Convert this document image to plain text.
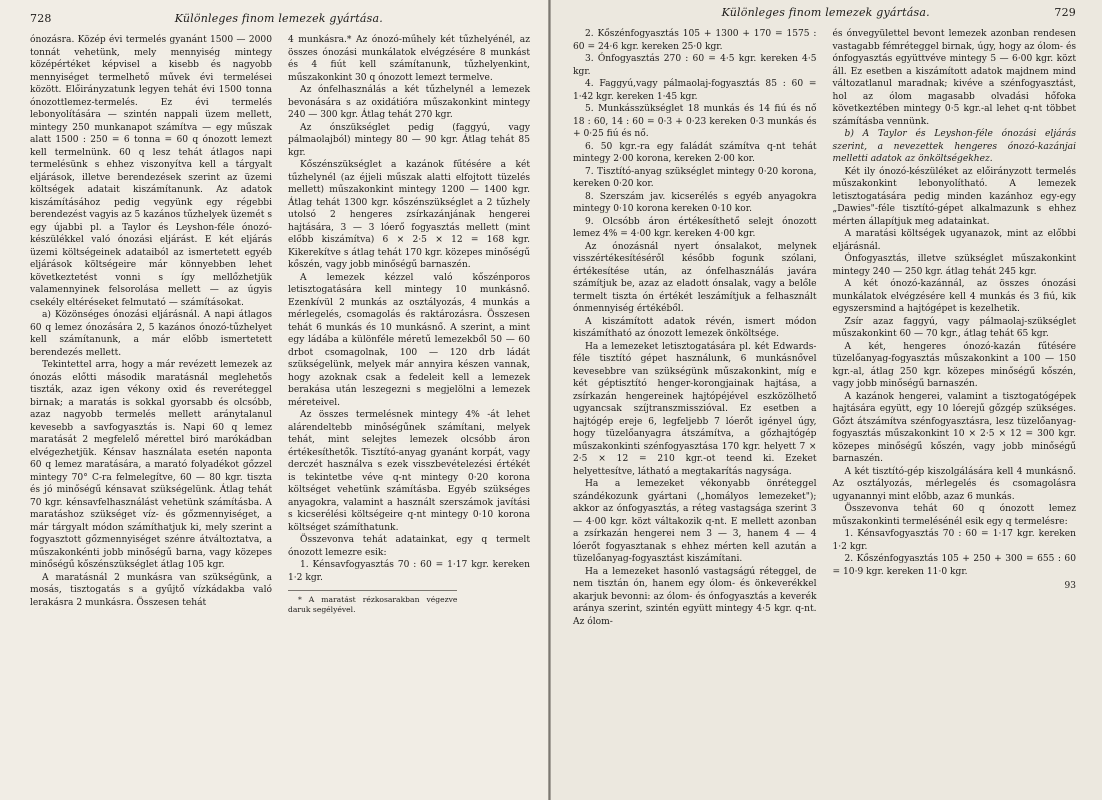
728	Különleges finom lemezek gyártása.

ónozásra. Közép évi termelés gyanánt 1500 — 2000 tonnát vehetünk, mely mennyiség mintegy középértéket képvisel a kisebb és nagyobb mennyiséget termelhető művek évi termelései között. Előirányzatunk legyen tehát évi 1500 tonna ónozottlemez-termelés. Ez évi termelés lebonyolítására — szintén nappali üzem mellett, mintegy 250 munkanapot számítva — egy műszak alatt 1500 : 250 = 6 tonna = 60 q ónozott lemezt kell termelnünk. 60 q lesz tehát átlagos napi termelésünk s ehhez viszonyítva kell a tárgyalt eljárások, illetve berendezések szerint az üzemi költségek adatait kiszámítanunk. Az adatok kiszámításához pedig vegyünk egy régebbi berendezést vagyis az 5 kazános tűzhelyek üzemét s egy újabbi pl. a Taylor és Leyshon-féle ónozó-készülékkel való ónozási eljárást. E két eljárás üzemi költségeinek adataiból az ismertetett egyéb eljárások költségeire már könnyebben lehet következtetést vonni s így mellőzhetjük valamennyinek felsorolása mellett — az úgyis csekély eltéréseket felmutató — számításokat.

a) Közönséges ónozási eljárásnál. A napi átlagos 60 q lemez ónozására 2, 5 kazános ónozó-tűzhelyet kell számítanunk, a már előbb ismertetett berendezés mellett.

Tekintettel arra, hogy a már revézett lemezek az ónozás előtti második maratásnál meglehetős tiszták, azaz igen vékony oxid és reveréteggel birnak; a maratás is sokkal gyorsabb és olcsóbb, azaz nagyobb termelés mellett aránytalanul kevesebb a savfogyasztás is. Napi 60 q lemez maratását 2 megfelelő mérettel biró marókádban elvégezhetjük. Kénsav használata esetén naponta 60 q lemez maratására, a marató folyadékot gőzzel mintegy 70° C-ra felmelegítve, 60 — 80 kgr. tiszta és jó minőségű kénsavat szükségelünk. Átlag tehát 70 kgr. kénsavfelhasználást vehetünk számításba. A maratáshoz szükséget víz- és gőzmennyiséget, a már tárgyalt módon számíthatjuk ki, mely szerint a fogyasztott gőzmennyiséget szénre átváltoztatva, a műszakonkénti jobb minőségű barna, vagy közepes minőségű kőszénszükséglet átlag 105 kgr.

A maratásnál 2 munkásra van szükségünk, a mosás, tisztogatás s a gyűjtő vízkádakba való lerakásra 2 munkásra. Összesen tehát

4 munkásra.* Az ónozó-műhely két tűzhelyénél, az összes ónozási munkálatok elvégzésére 8 munkást és 4 fiút kell számítanunk, tűzhelyenkint, műszakonkint 30 q ónozott lemezt termelve.

Az ónfelhasználás a két tűzhelynél a lemezek bevonására s az oxidátióra műszakonkint mintegy 240 — 300 kgr. Átlag tehát 270 kgr.

Az ónszükséglet pedig (faggyú, vagy pálmaolajból) mintegy 80 — 90 kgr. Átlag tehát 85 kgr.

Kőszénszükséglet a kazánok fűtésére a két tűzhelynél (az éjjeli műszak alatti elfojtott tüzelés mellett) műszakonkint mintegy 1200 — 1400 kgr. Átlag tehát 1300 kgr. kőszénszükséglet a 2 tűzhely utolsó 2 hengeres zsírkazánjának hengerei hajtására, 3 — 3 lóerő fogyasztás mellett (mint előbb kiszámítva) 6 × 2·5 × 12 = 168 kgr. Kikerekítve s átlag tehát 170 kgr. közepes minőségű kőszén, vagy jobb minőségű barnaszén.

A lemezek kézzel való kőszénporos letisztogatására kell mintegy 10 munkásnő. Ezenkívül 2 munkás az osztályozás, 4 munkás a mérlegelés, csomagolás és raktározásra. Összesen tehát 6 munkás és 10 munkásnő. A szerint, a mint egy ládába a különféle méretű lemezekből 50 — 60 drbot csomagolnak, 100 — 120 drb ládát szükségelünk, melyek már annyira készen vannak, hogy azoknak csak a fedeleit kell a lemezek berakása után leszegezni s megjelölni a lemezek méreteivel.

Az összes termelésnek mintegy 4% -át lehet alárendeltebb minőségűnek számítani, melyek tehát, mint selejtes lemezek olcsóbb áron értékesíthetők. Tisztító-anyag gyanánt korpát, vagy derczét használva s ezek visszbevételezési értékét is tekintetbe véve q-nt mintegy 0·20 korona költséget vehetünk számításba. Egyéb szükséges anyagokra, valamint a használt szerszámok javítási s kicserélési költségeire q-nt mintegy 0·10 korona költséget számíthatunk.

Összevonva tehát adatainkat, egy q termelt ónozott lemezre esik:

1. Kénsavfogyasztás 70 : 60 = 1·17 kgr. kereken 1·2 kgr.

* A maratást rézkosarakban végezve daruk segélyével.
Különleges finom lemezek gyártása.	729

2. Kőszénfogyasztás 105 + 1300 + 170 = 1575 : 60 = 24·6 kgr. kereken 25·0 kgr.

3. Ónfogyasztás 270 : 60 = 4·5 kgr. kereken 4·5 kgr.

4. Faggyú,vagy pálmaolaj-fogyasztás 85 : 60 = 1·42 kgr. kereken 1·45 kgr.

5. Munkásszükséglet 18 munkás és 14 fiú és nő 18 : 60, 14 : 60 = 0·3 + 0·23 kereken 0·3 munkás és + 0·25 fiú és nő.

6. 50 kgr.-ra egy faládát számítva q-nt tehát mintegy 2·00 korona, kereken 2·00 kor.

7. Tisztító-anyag szükséglet mintegy 0·20 korona, kereken 0·20 kor.

8. Szerszám jav. kicserélés s egyéb anyagokra mintegy 0·10 korona kereken 0·10 kor.

9. Olcsóbb áron értékesíthető selejt ónozott lemez 4% = 4·00 kgr. kereken 4·00 kgr.

Az ónozásnál nyert ónsalakot, melynek visszértékesítéséről később fogunk szólani, értékesítése után, az ónfelhasználás javára számítjuk be, azaz az eladott ónsalak, vagy a belőle termelt tiszta ón értékét leszámítjuk a felhasznált ónmennyiség értékéből.

A kiszámított adatok révén, ismert módon kiszámítható az ónozott lemezek önköltsége.

Ha a lemezeket letisztogatására pl. két Edwards-féle tisztító gépet használunk, 6 munkásnővel kevesebbre van szükségünk műszakonkint, míg e két géptisztító henger-korongjainak hajtása, a zsírkazán hengereinek hajtópéjével eszközölhető ugyancsak szíjtranszmisszióval. Ez esetben a hajtógép ereje 6, legfeljebb 7 lóerőt igényel úgy, hogy tüzelőanyagra átszámítva, a gőzhajtógép műszakonkinti szénfogyasztása 170 kgr. helyett 7 × 2·5 × 12 = 210 kgr.-ot teend ki. Ezeket helyettesítve, látható a megtakarítás nagysága.

Ha a lemezeket vékonyabb önréteggel szándékozunk gyártani („homályos lemezeket"); akkor az ónfogyasztás, a réteg vastagsága szerint 3 — 4·00 kgr. közt váltakozik q-nt. E mellett azonban a zsírkazán hengerei nem 3 — 3, hanem 4 — 4 lóerőt fogyasztanak s ehhez mérten kell azután a tüzelőanyag-fogyasztást kiszámítani.

Ha a lemezeket hasonló vastagságú réteggel, de nem tisztán ón, hanem egy ólom- és önkeverékkel akarjuk bevonni: az ólom- és ónfogyasztás a keverék aránya szerint, szintén együtt mintegy 4·5 kgr. q-nt. Az ólom-

és ónvegyülettel bevont lemezek azonban rendesen vastagabb fémréteggel birnak, úgy, hogy az ólom- és ónfogyasztás együttvéve mintegy 5 — 6·00 kgr. közt áll. Ez esetben a kiszámított adatok majdnem mind változatlanul maradnak; kivéve a szénfogyasztást, hol az ólom magasabb olvadási hőfoka következtében mintegy 0·5 kgr.-al lehet q-nt többet számításba vennünk.

b) A Taylor és Leyshon-féle ónozási eljárás szerint, a nevezettek hengeres ónozó-kazánjai melletti adatok az önköltségekhez.

Két ily ónozó-készüléket az előirányzott termelés műszakonkint lebonyolítható. A lemezek letisztogatására pedig minden kazánhoz egy-egy „Dawies"-féle tisztító-gépet alkalmazunk s ehhez mérten állapítjuk meg adatainkat.

A maratási költségek ugyanazok, mint az előbbi eljárásnál.

Ónfogyasztás, illetve szükséglet műszakonkint mintegy 240 — 250 kgr. átlag tehát 245 kgr.

A két ónozó-kazánnál, az összes ónozási munkálatok elvégzésére kell 4 munkás és 3 fiú, kik egyszersmind a hajtógépet is kezelhetik.

Zsír azaz faggyú, vagy pálmaolaj-szükséglet műszakonkint 60 — 70 kgr., átlag tehát 65 kgr.

A két, hengeres ónozó-kazán fűtésére tüzelőanyag-fogyasztás műszakonkint a 100 — 150 kgr.-al, átlag 250 kgr. közepes minőségű kőszén, vagy jobb minőségű barnaszén.

A kazánok hengerei, valamint a tisztogatógépek hajtására együtt, egy 10 lóerejű gőzgép szükséges. Gőzt átszámítva szénfogyasztásra, lesz tüzelőanyag-fogyasztás műszakonkint 10 × 2·5 × 12 = 300 kgr. közepes minőségű kőszén, vagy jobb minőségű barnaszén.

A két tisztító-gép kiszolgálására kell 4 munkásnő. Az osztályozás, mérlegelés és csomagolásra ugyanannyi mint előbb, azaz 6 munkás.

Összevonva tehát 60 q ónozott lemez műszakonkinti termelésénél esik egy q termelésre:

1. Kénsavfogyasztás 70 : 60 = 1·17 kgr. kereken 1·2 kgr.

2. Kőszénfogyasztás 105 + 250 + 300 = 655 : 60 = 10·9 kgr. kereken 11·0 kgr.

93
